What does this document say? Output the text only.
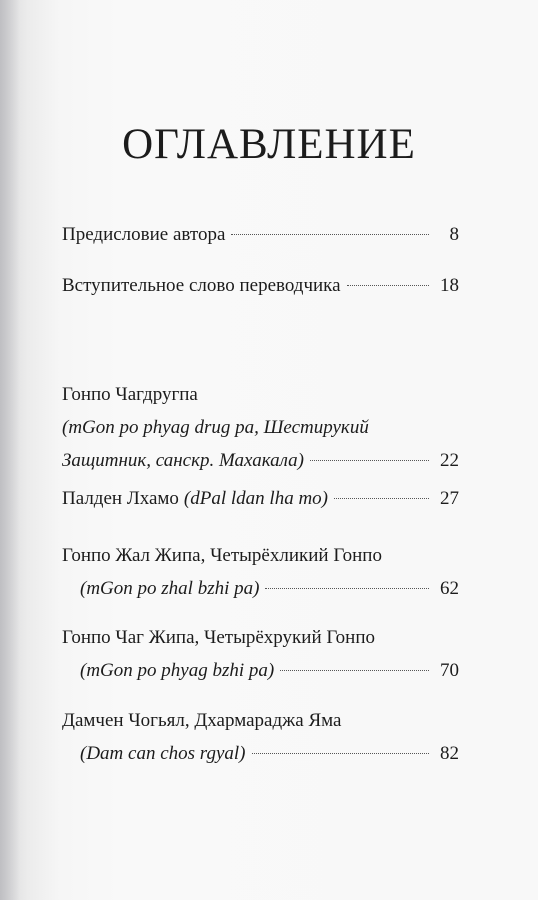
ОГЛАВЛЕНИЕ
Предисловие автора	8
Вступительное слово переводчика	18
Гонпо Чагдругпа
(mGon po phyag drug pa, Шестирукий
Защитник, санскр. Махакала)	22
Палден Лхамо (dPal ldan lha mo)	27
Гонпо Жал Жипа, Четырёхликий Гонпо
(mGon po zhal bzhi pa)	62
Гонпо Чаг Жипа, Четырёхрукий Гонпо
(mGon po phyag bzhi pa)	70
Дамчен Чогьял, Дхармараджа Яма
(Dam can chos rgyal)	82
